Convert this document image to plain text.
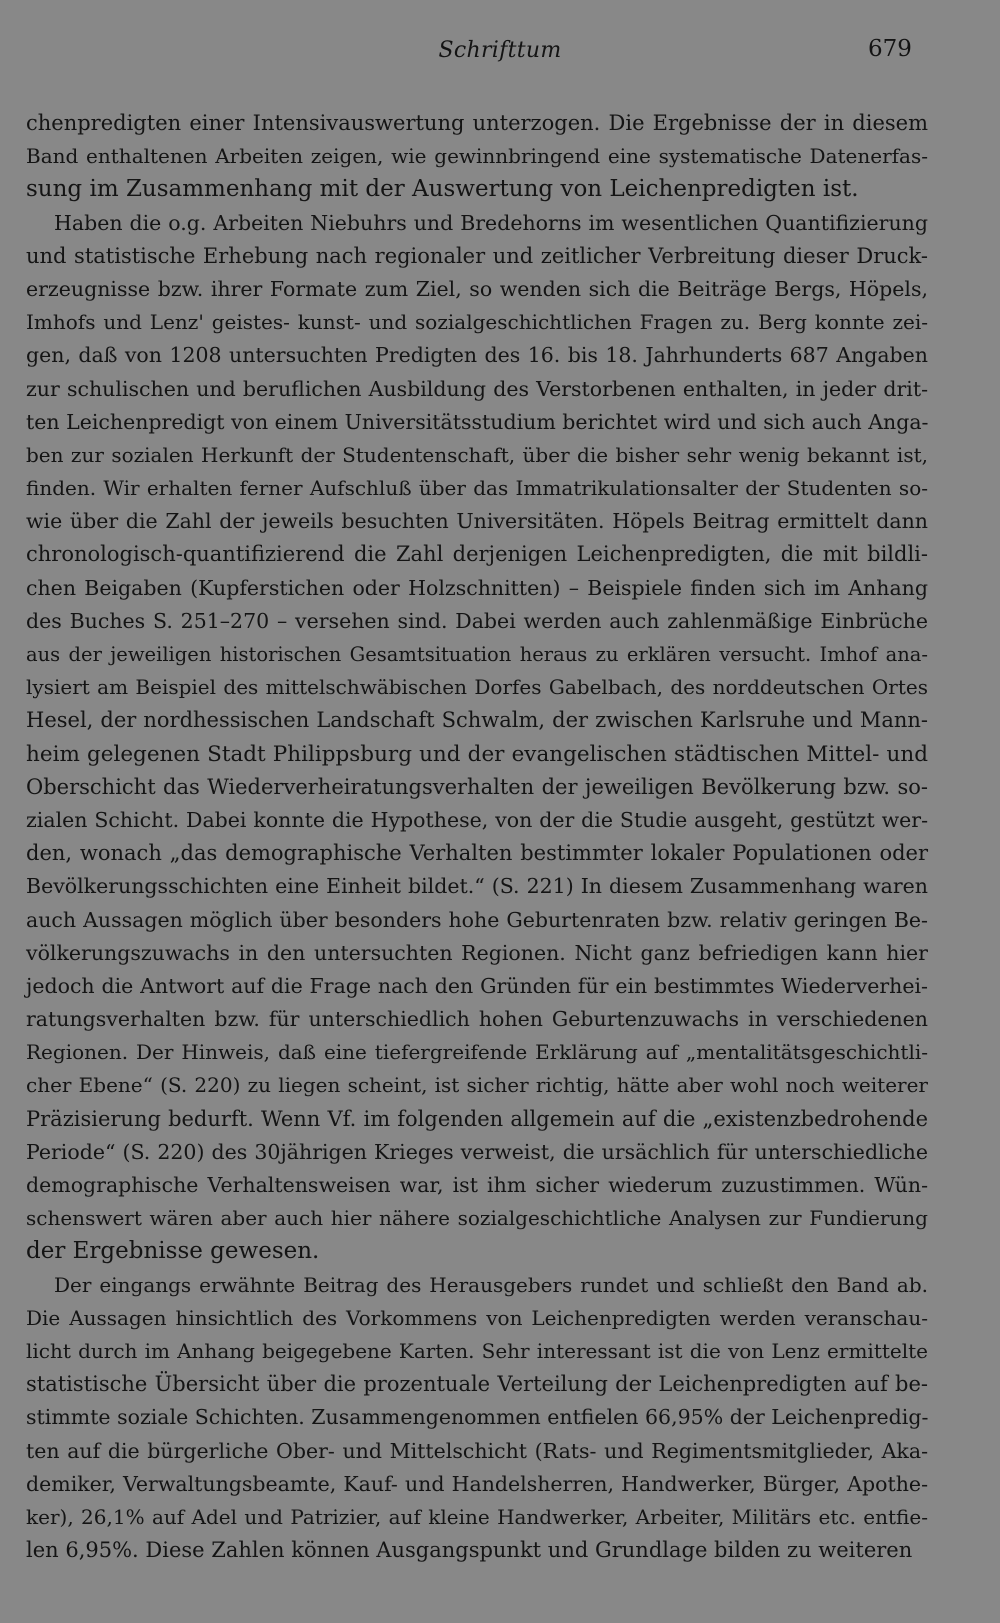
Schrifttum	679
chenpredigten einer Intensivauswertung unterzogen. Die Ergebnisse der in diesem
Band enthaltenen Arbeiten zeigen, wie gewinnbringend eine systematische Datenerfas-
sung im Zusammenhang mit der Auswertung von Leichenpredigten ist.
Haben die o.g. Arbeiten Niebuhrs und Bredehorns im wesentlichen Quantifizierung
und statistische Erhebung nach regionaler und zeitlicher Verbreitung dieser Druck-
erzeugnisse bzw. ihrer Formate zum Ziel, so wenden sich die Beiträge Bergs, Höpels,
Imhofs und Lenz' geistes- kunst- und sozialgeschichtlichen Fragen zu. Berg konnte zei-
gen, daß von 1208 untersuchten Predigten des 16. bis 18. Jahrhunderts 687 Angaben
zur schulischen und beruflichen Ausbildung des Verstorbenen enthalten, in jeder drit-
ten Leichenpredigt von einem Universitätsstudium berichtet wird und sich auch Anga-
ben zur sozialen Herkunft der Studentenschaft, über die bisher sehr wenig bekannt ist,
finden. Wir erhalten ferner Aufschluß über das Immatrikulationsalter der Studenten so-
wie über die Zahl der jeweils besuchten Universitäten. Höpels Beitrag ermittelt dann
chronologisch-quantifizierend die Zahl derjenigen Leichenpredigten, die mit bildli-
chen Beigaben (Kupferstichen oder Holzschnitten) – Beispiele finden sich im Anhang
des Buches S. 251–270 – versehen sind. Dabei werden auch zahlenmäßige Einbrüche
aus der jeweiligen historischen Gesamtsituation heraus zu erklären versucht. Imhof ana-
lysiert am Beispiel des mittelschwäbischen Dorfes Gabelbach, des norddeutschen Ortes
Hesel, der nordhessischen Landschaft Schwalm, der zwischen Karlsruhe und Mann-
heim gelegenen Stadt Philippsburg und der evangelischen städtischen Mittel- und
Oberschicht das Wiederverheiratungsverhalten der jeweiligen Bevölkerung bzw. so-
zialen Schicht. Dabei konnte die Hypothese, von der die Studie ausgeht, gestützt wer-
den, wonach „das demographische Verhalten bestimmter lokaler Populationen oder
Bevölkerungsschichten eine Einheit bildet.“ (S. 221) In diesem Zusammenhang waren
auch Aussagen möglich über besonders hohe Geburtenraten bzw. relativ geringen Be-
völkerungszuwachs in den untersuchten Regionen. Nicht ganz befriedigen kann hier
jedoch die Antwort auf die Frage nach den Gründen für ein bestimmtes Wiederverhei-
ratungsverhalten bzw. für unterschiedlich hohen Geburtenzuwachs in verschiedenen
Regionen. Der Hinweis, daß eine tiefergreifende Erklärung auf „mentalitätsgeschichtli-
cher Ebene“ (S. 220) zu liegen scheint, ist sicher richtig, hätte aber wohl noch weiterer
Präzisierung bedurft. Wenn Vf. im folgenden allgemein auf die „existenzbedrohende
Periode“ (S. 220) des 30jährigen Krieges verweist, die ursächlich für unterschiedliche
demographische Verhaltensweisen war, ist ihm sicher wiederum zuzustimmen. Wün-
schenswert wären aber auch hier nähere sozialgeschichtliche Analysen zur Fundierung
der Ergebnisse gewesen.
Der eingangs erwähnte Beitrag des Herausgebers rundet und schließt den Band ab.
Die Aussagen hinsichtlich des Vorkommens von Leichenpredigten werden veranschau-
licht durch im Anhang beigegebene Karten. Sehr interessant ist die von Lenz ermittelte
statistische Übersicht über die prozentuale Verteilung der Leichenpredigten auf be-
stimmte soziale Schichten. Zusammengenommen entfielen 66,95% der Leichenpredig-
ten auf die bürgerliche Ober- und Mittelschicht (Rats- und Regimentsmitglieder, Aka-
demiker, Verwaltungsbeamte, Kauf- und Handelsherren, Handwerker, Bürger, Apothe-
ker), 26,1% auf Adel und Patrizier, auf kleine Handwerker, Arbeiter, Militärs etc. entfie-
len 6,95%. Diese Zahlen können Ausgangspunkt und Grundlage bilden zu weiteren
